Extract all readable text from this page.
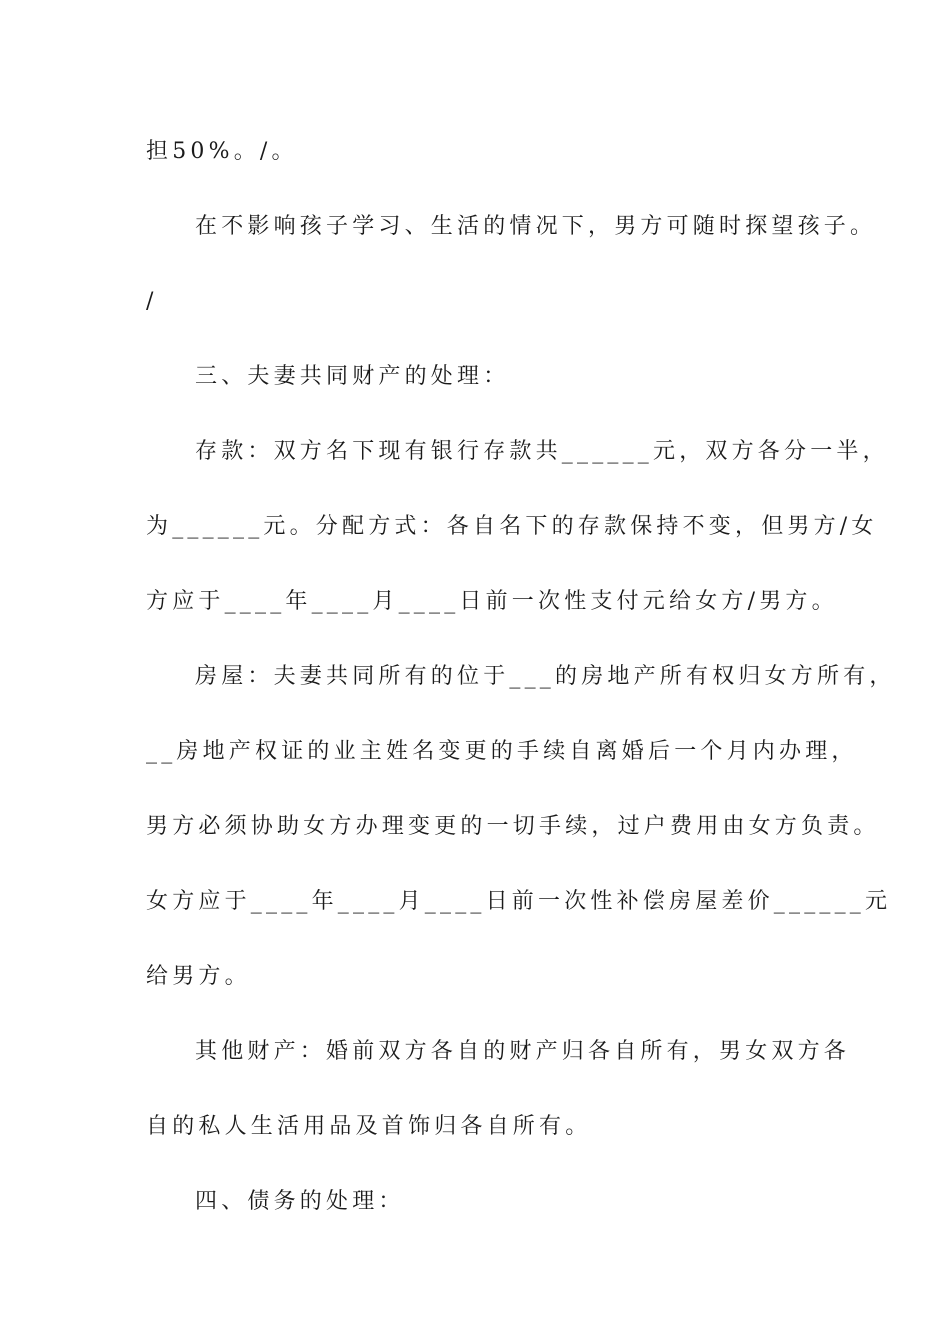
担50%。/。
在不影响孩子学习、生活的情况下，男方可随时探望孩子。
/
三、夫妻共同财产的处理：
存款：双方名下现有银行存款共______元，双方各分一半，
为______元。分配方式：各自名下的存款保持不变，但男方/女
方应于____年____月____日前一次性支付元给女方/男方。
房屋：夫妻共同所有的位于___的房地产所有权归女方所有，
__房地产权证的业主姓名变更的手续自离婚后一个月内办理，
男方必须协助女方办理变更的一切手续，过户费用由女方负责。
女方应于____年____月____日前一次性补偿房屋差价______元
给男方。
其他财产：婚前双方各自的财产归各自所有，男女双方各
自的私人生活用品及首饰归各自所有。
四、债务的处理：
